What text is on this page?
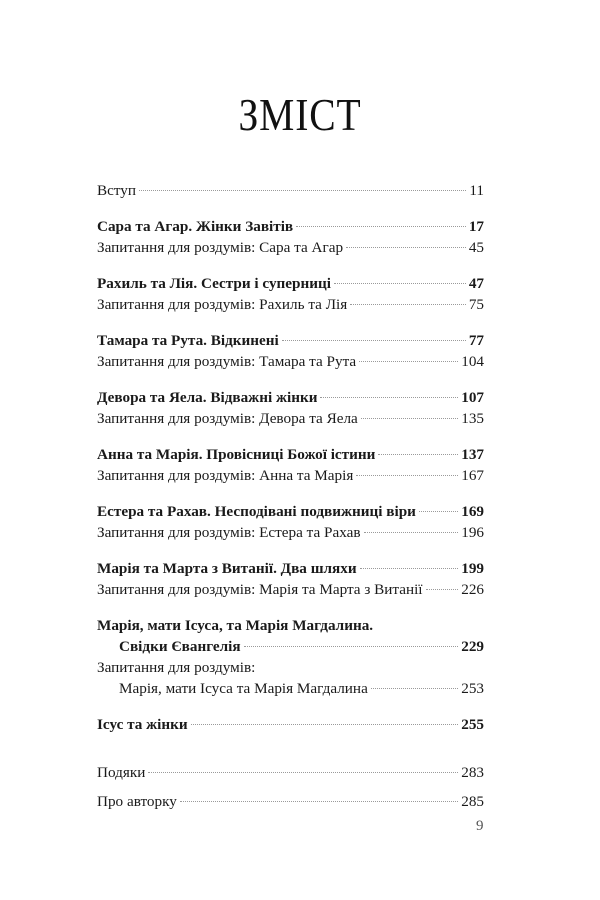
ЗМІСТ
Вступ	11
Сара та Агар. Жінки Завітів	17
Запитання для роздумів: Сара та Агар	45
Рахиль та Лія. Сестри і суперниці	47
Запитання для роздумів: Рахиль та Лія	75
Тамара та Рута. Відкинені	77
Запитання для роздумів: Тамара та Рута	104
Девора та Яела. Відважні жінки	107
Запитання для роздумів: Девора та Яела	135
Анна та Марія. Провісниці Божої істини	137
Запитання для роздумів: Анна та Марія	167
Естера та Рахав. Несподівані подвижниці віри	169
Запитання для роздумів: Естера та Рахав	196
Марія та Марта з Витанії. Два шляхи	199
Запитання для роздумів: Марія та Марта з Витанії	226
Марія, мати Ісуса, та Марія Магдалина.
Свідки Євангелія	229
Запитання для роздумів:
Марія, мати Ісуса та Марія Магдалина	253
Ісус та жінки	255
Подяки	283
Про авторку	285
9
